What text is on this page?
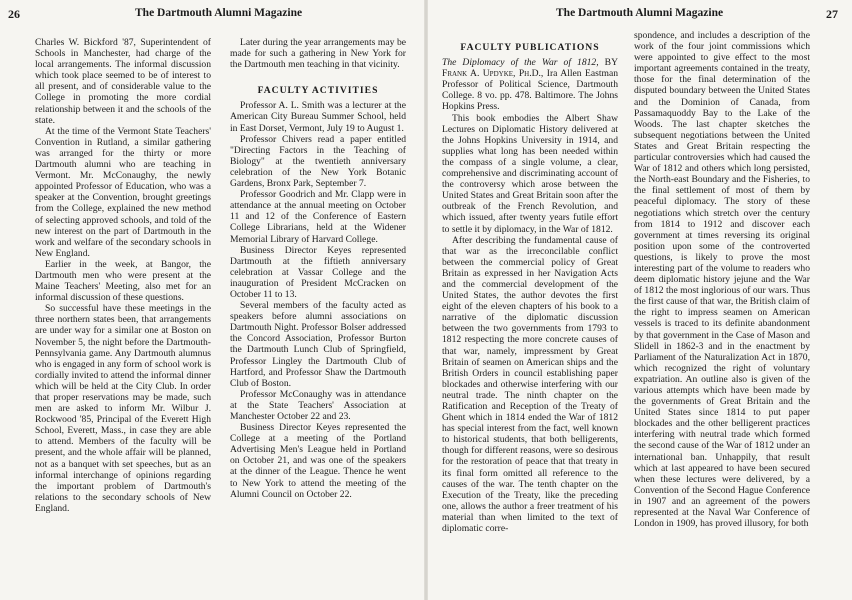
26	The Dartmouth Alumni Magazine

Charles W. Bickford '87, Superintendent of Schools in Manchester, had charge of the local arrangements. The informal discussion which took place seemed to be of interest to all present, and of considerable value to the College in promoting the more cordial relationship between it and the schools of the state.

At the time of the Vermont State Teachers' Convention in Rutland, a similar gathering was arranged for the thirty or more Dartmouth alumni who are teaching in Vermont. Mr. McConaughy, the newly appointed Professor of Education, who was a speaker at the Convention, brought greetings from the College, explained the new method of selecting approved schools, and told of the new interest on the part of Dartmouth in the work and welfare of the secondary schools in New England.

Earlier in the week, at Bangor, the Dartmouth men who were present at the Maine Teachers' Meeting, also met for an informal discussion of these questions.

So successful have these meetings in the three northern states been, that arrangements are under way for a similar one at Boston on November 5, the night before the Dartmouth-Pennsylvania game. Any Dartmouth alumnus who is engaged in any form of school work is cordially invited to attend the informal dinner which will be held at the City Club. In order that proper reservations may be made, such men are asked to inform Mr. Wilbur J. Rockwood '85, Principal of the Everett High School, Everett, Mass., in case they are able to attend. Members of the faculty will be present, and the whole affair will be planned, not as a banquet with set speeches, but as an informal interchange of opinions regarding the important problem of Dartmouth's relations to the secondary schools of New England.

Later during the year arrangements may be made for such a gathering in New York for the Dartmouth men teaching in that vicinity.

FACULTY ACTIVITIES

Professor A. L. Smith was a lecturer at the American City Bureau Summer School, held in East Dorset, Vermont, July 19 to August 1.

Professor Chivers read a paper entitled "Directing Factors in the Teaching of Biology" at the twentieth anniversary celebration of the New York Botanic Gardens, Bronx Park, September 7.

Professor Goodrich and Mr. Clapp were in attendance at the annual meeting on October 11 and 12 of the Conference of Eastern College Librarians, held at the Widener Memorial Library of Harvard College.

Business Director Keyes represented Dartmouth at the fiftieth anniversary celebration at Vassar College and the inauguration of President McCracken on October 11 to 13.

Several members of the faculty acted as speakers before alumni associations on Dartmouth Night. Professor Bolser addressed the Concord Association, Professor Burton the Dartmouth Lunch Club of Springfield, Professor Lingley the Dartmouth Club of Hartford, and Professor Shaw the Dartmouth Club of Boston.

Professor McConaughy was in attendance at the State Teachers' Association at Manchester October 22 and 23.

Business Director Keyes represented the College at a meeting of the Portland Advertising Men's League held in Portland on October 21, and was one of the speakers at the dinner of the League. Thence he went to New York to attend the meeting of the Alumni Council on October 22.

The Dartmouth Alumni Magazine	27
FACULTY PUBLICATIONS

The Diplomacy of the War of 1812, BY Frank A. Updyke, Ph.D., Ira Allen Eastman Professor of Political Science, Dartmouth College. 8 vo. pp. 478. Baltimore. The Johns Hopkins Press.

This book embodies the Albert Shaw Lectures on Diplomatic History delivered at the Johns Hopkins University in 1914, and supplies what long has been needed within the compass of a single volume, a clear, comprehensive and discriminating account of the controversy which arose between the United States and Great Britain soon after the outbreak of the French Revolution, and which issued, after twenty years futile effort to settle it by diplomacy, in the War of 1812.

After describing the fundamental cause of that war as the irreconcilable conflict between the commercial policy of Great Britain as expressed in her Navigation Acts and the commercial development of the United States, the author devotes the first eight of the eleven chapters of his book to a narrative of the diplomatic discussion between the two governments from 1793 to 1812 respecting the more concrete causes of that war, namely, impressment by Great Britain of seamen on American ships and the British Orders in council establishing paper blockades and otherwise interfering with our neutral trade. The ninth chapter on the Ratification and Reception of the Treaty of Ghent which in 1814 ended the War of 1812 has special interest from the fact, well known to historical students, that both belligerents, though for different reasons, were so desirous for the restoration of peace that that treaty in its final form omitted all reference to the causes of the war. The tenth chapter on the Execution of the Treaty, like the preceding one, allows the author a freer treatment of his material than when limited to the text of diplomatic corre-

spondence, and includes a description of the work of the four joint commissions which were appointed to give effect to the most important agreements contained in the treaty, those for the final determination of the disputed boundary between the United States and the Dominion of Canada, from Passamaquoddy Bay to the Lake of the Woods. The last chapter sketches the subsequent negotiations between the United States and Great Britain respecting the particular controversies which had caused the War of 1812 and others which long persisted, the North-east Boundary and the Fisheries, to the final settlement of most of them by peaceful diplomacy. The story of these negotiations which stretch over the century from 1814 to 1912 and discover each government at times reversing its original position upon some of the controverted questions, is likely to prove the most interesting part of the volume to readers who deem diplomatic history jejune and the War of 1812 the most inglorious of our wars. Thus the first cause of that war, the British claim of the right to impress seamen on American vessels is traced to its definite abandonment by that government in the Case of Mason and Slidell in 1862-3 and in the enactment by Parliament of the Naturalization Act in 1870, which recognized the right of voluntary expatriation. An outline also is given of the various attempts which have been made by the governments of Great Britain and the United States since 1814 to put paper blockades and the other belligerent practices interfering with neutral trade which formed the second cause of the War of 1812 under an international ban. Unhappily, that result which at last appeared to have been secured when these lectures were delivered, by a Convention of the Second Hague Conference in 1907 and an agreement of the powers represented at the Naval War Conference of London in 1909, has proved illusory, for both
